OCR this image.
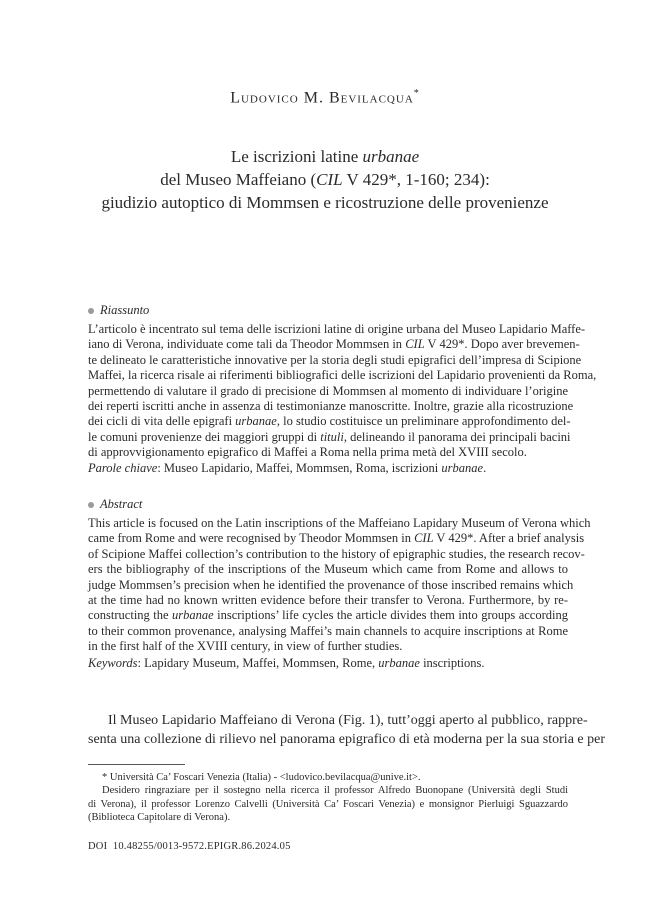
Ludovico M. Bevilacqua*
Le iscrizioni latine urbanae
del Museo Maffeiano (CIL V 429*, 1-160; 234):
giudizio autoptico di Mommsen e ricostruzione delle provenienze
Riassunto
L’articolo è incentrato sul tema delle iscrizioni latine di origine urbana del Museo Lapidario Maffe-
iano di Verona, individuate come tali da Theodor Mommsen in CIL V 429*. Dopo aver brevemen-
te delineato le caratteristiche innovative per la storia degli studi epigrafici dell’impresa di Scipione
Maffei, la ricerca risale ai riferimenti bibliografici delle iscrizioni del Lapidario provenienti da Roma,
permettendo di valutare il grado di precisione di Mommsen al momento di individuare l’origine
dei reperti iscritti anche in assenza di testimonianze manoscritte. Inoltre, grazie alla ricostruzione
dei cicli di vita delle epigrafi urbanae, lo studio costituisce un preliminare approfondimento del-
le comuni provenienze dei maggiori gruppi di tituli, delineando il panorama dei principali bacini
di approvvigionamento epigrafico di Maffei a Roma nella prima metà del XVIII secolo.
Parole chiave: Museo Lapidario, Maffei, Mommsen, Roma, iscrizioni urbanae.
Abstract
This article is focused on the Latin inscriptions of the Maffeiano Lapidary Museum of Verona which
came from Rome and were recognised by Theodor Mommsen in CIL V 429*. After a brief analysis
of Scipione Maffei collection’s contribution to the history of epigraphic studies, the research recov-
ers the bibliography of the inscriptions of the Museum which came from Rome and allows to
judge Mommsen’s precision when he identified the provenance of those inscribed remains which
at the time had no known written evidence before their transfer to Verona. Furthermore, by re-
constructing the urbanae inscriptions’ life cycles the article divides them into groups according
to their common provenance, analysing Maffei’s main channels to acquire inscriptions at Rome
in the first half of the XVIII century, in view of further studies.
Keywords: Lapidary Museum, Maffei, Mommsen, Rome, urbanae inscriptions.
Il Museo Lapidario Maffeiano di Verona (Fig. 1), tutt’oggi aperto al pubblico, rappre-
senta una collezione di rilievo nel panorama epigrafico di età moderna per la sua storia e per
* Università Ca’ Foscari Venezia (Italia) - <ludovico.bevilacqua@unive.it>.
Desidero ringraziare per il sostegno nella ricerca il professor Alfredo Buonopane (Università degli Studi
di Verona), il professor Lorenzo Calvelli (Università Ca’ Foscari Venezia) e monsignor Pierluigi Sguazzardo
(Biblioteca Capitolare di Verona).
DOI  10.48255/0013-9572.EPIGR.86.2024.05
